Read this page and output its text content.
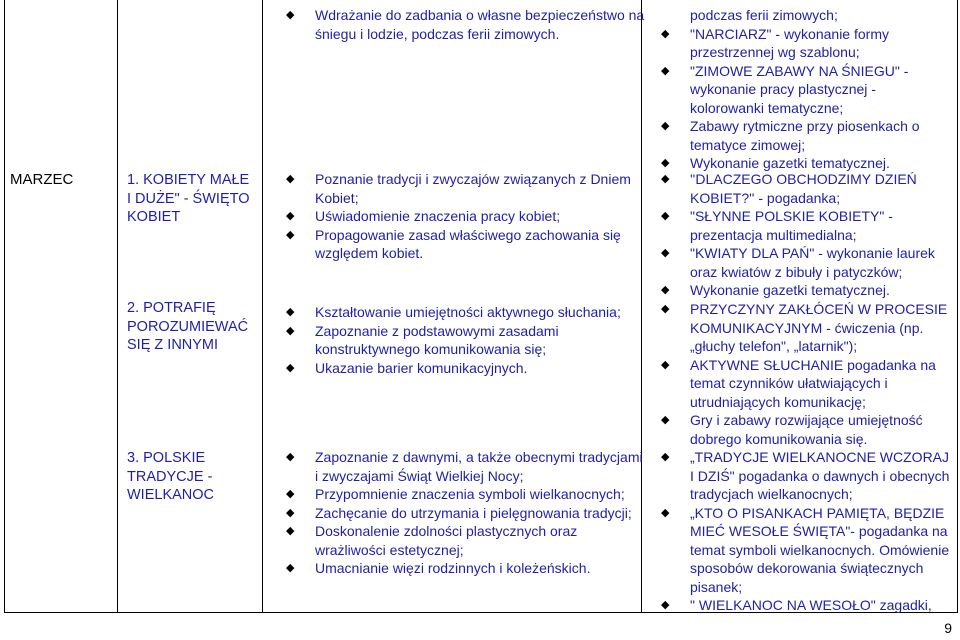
MARZEC	1. KOBIETY MAŁE I DUŻE" - ŚWIĘTO KOBIET
2. POTRAFIĘ POROZUMIEWAĆ SIĘ Z INNYMI
3. POLSKIE TRADYCJE - WIELKANOC
◆ Wdrażanie do zadbania o własne bezpieczeństwo na śniegu i lodzie, podczas ferii zimowych.
◆ Poznanie tradycji i zwyczajów związanych z Dniem Kobiet;
◆ Uświadomienie znaczenia pracy kobiet;
◆ Propagowanie zasad właściwego zachowania się względem kobiet.
◆ Kształtowanie umiejętności aktywnego słuchania;
◆ Zapoznanie z podstawowymi zasadami konstruktywnego komunikowania się;
◆ Ukazanie barier komunikacyjnych.
◆ Zapoznanie z dawnymi, a także obecnymi tradycjami i zwyczajami Świąt Wielkiej Nocy;
◆ Przypomnienie znaczenia symboli wielkanocnych;
◆ Zachęcanie do utrzymania i pielęgnowania tradycji;
◆ Doskonalenie zdolności plastycznych oraz wrażliwości estetycznej;
◆ Umacnianie więzi rodzinnych i koleżeńskich.
podczas ferii zimowych;
◆ "NARCIARZ" - wykonanie formy przestrzennej wg szablonu;
◆ "ZIMOWE ZABAWY NA ŚNIEGU" - wykonanie pracy plastycznej - kolorowanki tematyczne;
◆ Zabawy rytmiczne przy piosenkach o tematyce zimowej;
◆ Wykonanie gazetki tematycznej.
◆ ''DLACZEGO OBCHODZIMY DZIEŃ KOBIET?'' - pogadanka;
◆ "SŁYNNE POLSKIE KOBIETY" - prezentacja multimedialna;
◆ "KWIATY DLA PAŃ" - wykonanie laurek oraz kwiatów z bibuły i patyczków;
◆ Wykonanie gazetki tematycznej.
◆ PRZYCZYNY ZAKŁÓCEŃ W PROCESIE KOMUNIKACYJNYM - ćwiczenia (np. „głuchy telefon", „latarnik");
◆ AKTYWNE SŁUCHANIE pogadanka na temat czynników ułatwiających i utrudniających komunikację;
◆ Gry i zabawy rozwijające umiejętność dobrego komunikowania się.
◆ „TRADYCJE WIELKANOCNE WCZORAJ I DZIŚ" pogadanka o dawnych i obecnych tradycjach wielkanocnych;
◆ „KTO O PISANKACH PAMIĘTA, BĘDZIE MIEĆ WESOŁE ŚWIĘTA"- pogadanka na temat symboli wielkanocnych. Omówienie sposobów dekorowania świątecznych pisanek;
◆ " WIELKANOC NA WESOŁO" zagadki,
9
